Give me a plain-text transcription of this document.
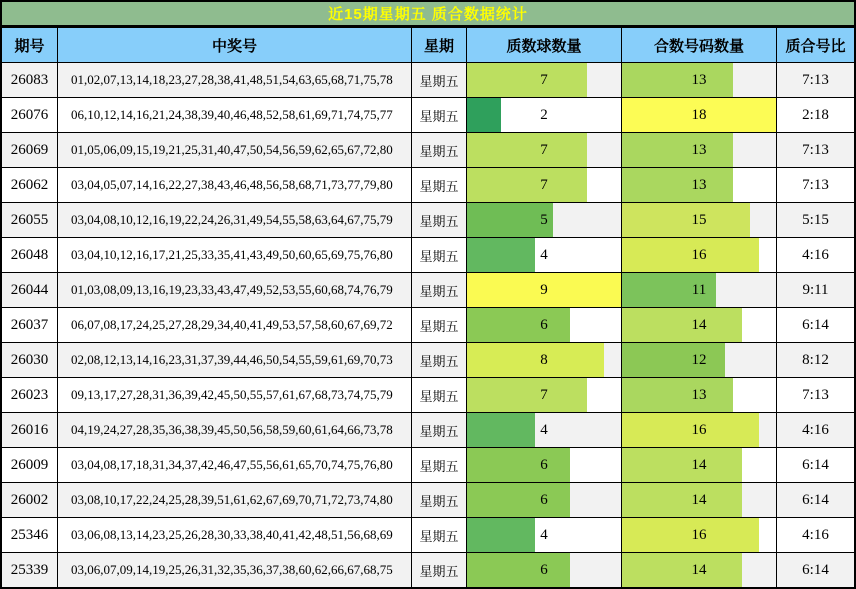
近15期星期五 质合数据统计
期号	中奖号	星期	质数球数量	合数号码数量	质合号比
26083	01,02,07,13,14,18,23,27,28,38,41,48,51,54,63,65,68,71,75,78	星期五	7	13	7:13
26076	06,10,12,14,16,21,24,38,39,40,46,48,52,58,61,69,71,74,75,77	星期五	2	18	2:18
26069	01,05,06,09,15,19,21,25,31,40,47,50,54,56,59,62,65,67,72,80	星期五	7	13	7:13
26062	03,04,05,07,14,16,22,27,38,43,46,48,56,58,68,71,73,77,79,80	星期五	7	13	7:13
26055	03,04,08,10,12,16,19,22,24,26,31,49,54,55,58,63,64,67,75,79	星期五	5	15	5:15
26048	03,04,10,12,16,17,21,25,33,35,41,43,49,50,60,65,69,75,76,80	星期五	4	16	4:16
26044	01,03,08,09,13,16,19,23,33,43,47,49,52,53,55,60,68,74,76,79	星期五	9	11	9:11
26037	06,07,08,17,24,25,27,28,29,34,40,41,49,53,57,58,60,67,69,72	星期五	6	14	6:14
26030	02,08,12,13,14,16,23,31,37,39,44,46,50,54,55,59,61,69,70,73	星期五	8	12	8:12
26023	09,13,17,27,28,31,36,39,42,45,50,55,57,61,67,68,73,74,75,79	星期五	7	13	7:13
26016	04,19,24,27,28,35,36,38,39,45,50,56,58,59,60,61,64,66,73,78	星期五	4	16	4:16
26009	03,04,08,17,18,31,34,37,42,46,47,55,56,61,65,70,74,75,76,80	星期五	6	14	6:14
26002	03,08,10,17,22,24,25,28,39,51,61,62,67,69,70,71,72,73,74,80	星期五	6	14	6:14
25346	03,06,08,13,14,23,25,26,28,30,33,38,40,41,42,48,51,56,68,69	星期五	4	16	4:16
25339	03,06,07,09,14,19,25,26,31,32,35,36,37,38,60,62,66,67,68,75	星期五	6	14	6:14
